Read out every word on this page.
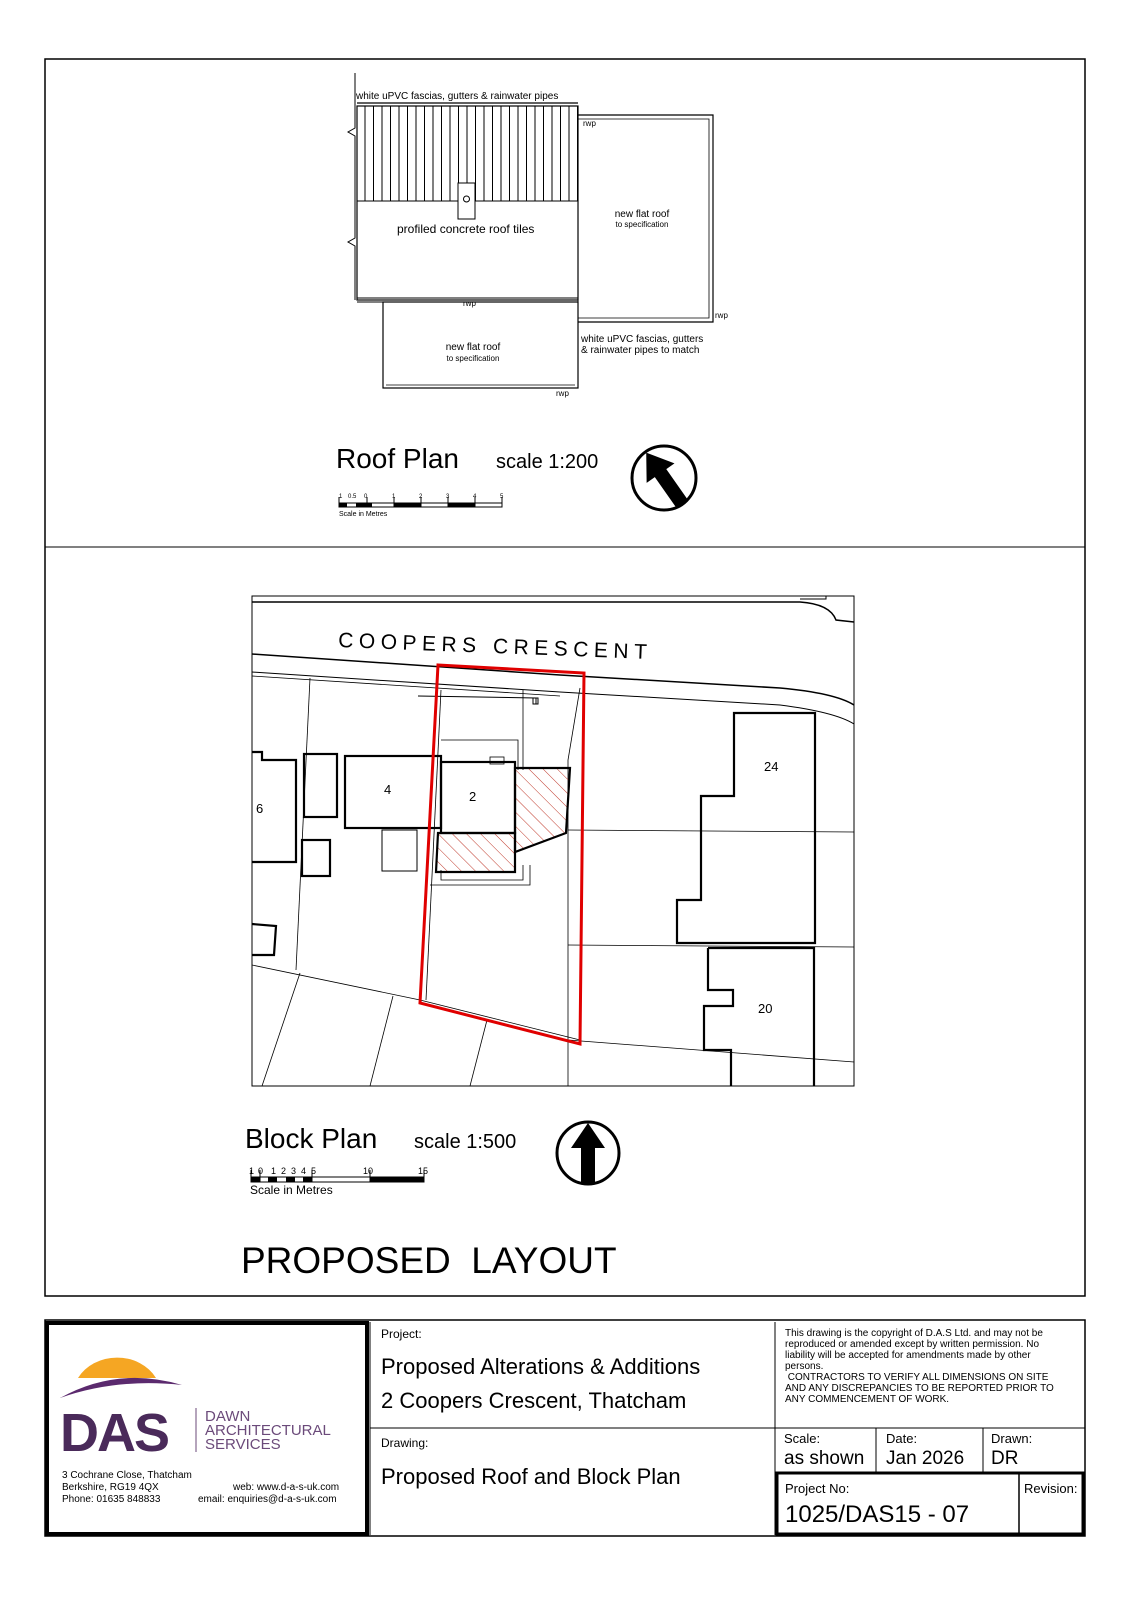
white uPVC fascias, gutters & rainwater pipes
rwp
rwp
rwp
rwp
profiled concrete roof tiles
new flat roof
to specification
new flat roof
to specification
white uPVC fascias, gutters
& rainwater pipes to match
Roof Plan scale 1:200
1 0.5 0	1	2	3	4	5
Scale in Metres
COOPERS CRESCENT
6
4	2
24
20
Block Plan scale 1:500
1 0 1 2 3 4 5	10	15
Scale in Metres
PROPOSED  LAYOUT
DAS DAWN
ARCHITECTURAL
SERVICES
3 Cochrane Close, Thatcham
Berkshire, RG19 4QX
Phone: 01635 848833
web: www.d-a-s-uk.com
email: enquiries@d-a-s-uk.com
Project:
Proposed Alterations & Additions
2 Coopers Crescent, Thatcham
Drawing:
Proposed Roof and Block Plan
This drawing is the copyright of D.A.S Ltd. and may not be
reproduced or amended except by written permission. No
liability will be accepted for amendments made by other
persons.
CONTRACTORS TO VERIFY ALL DIMENSIONS ON SITE
AND ANY DISCREPANCIES TO BE REPORTED PRIOR TO
ANY COMMENCEMENT OF WORK.
Scale:
as shown
Date:
Jan 2026
Drawn:
DR
Project No:
1025/DAS15 - 07
Revision:
